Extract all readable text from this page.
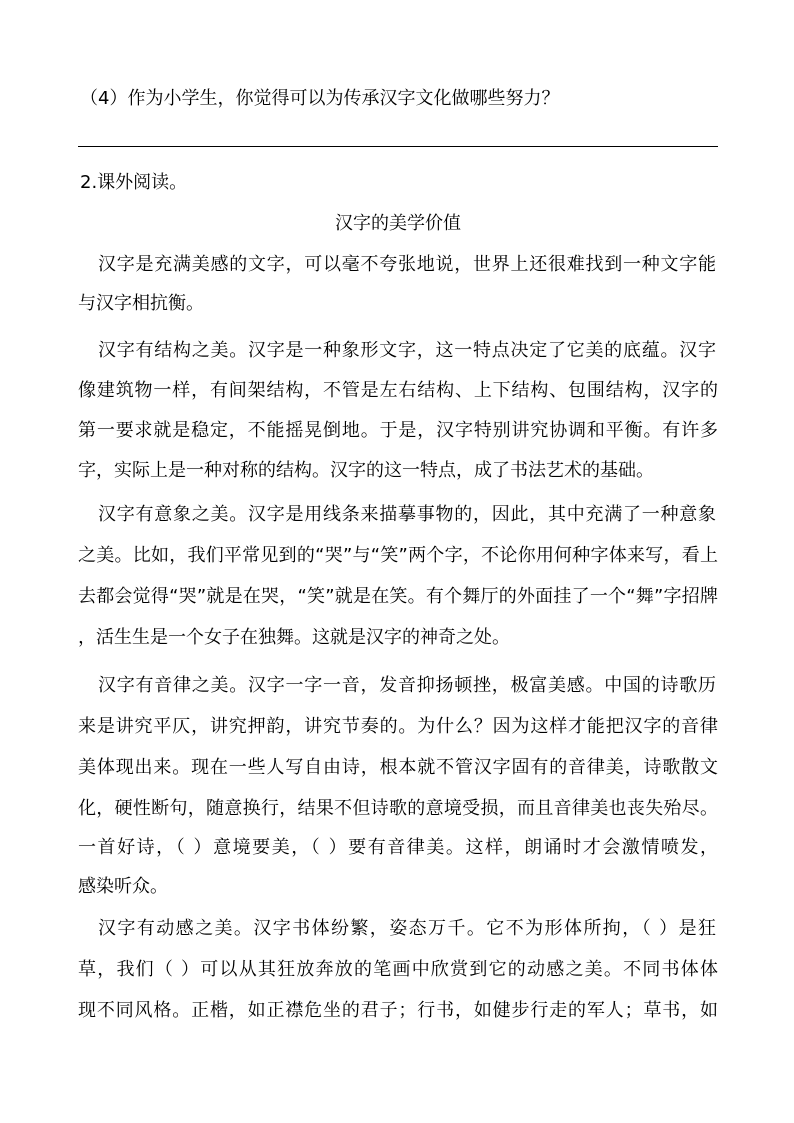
（4）作为小学生，你觉得可以为传承汉字文化做哪些努力？
2.课外阅读。
汉字的美学价值
汉字是充满美感的文字，可以毫不夸张地说，世界上还很难找到一种文字能
与汉字相抗衡。
汉字有结构之美。汉字是一种象形文字，这一特点决定了它美的底蕴。汉字
像建筑物一样，有间架结构，不管是左右结构、上下结构、包围结构，汉字的
第一要求就是稳定，不能摇晃倒地。于是，汉字特别讲究协调和平衡。有许多
字，实际上是一种对称的结构。汉字的这一特点，成了书法艺术的基础。
汉字有意象之美。汉字是用线条来描摹事物的，因此，其中充满了一种意象
之美。比如，我们平常见到的“哭”与“笑”两个字，不论你用何种字体来写，看上
去都会觉得“哭”就是在哭，“笑”就是在笑。有个舞厅的外面挂了一个“舞”字招牌
，活生生是一个女子在独舞。这就是汉字的神奇之处。
汉字有音律之美。汉字一字一音，发音抑扬顿挫，极富美感。中国的诗歌历
来是讲究平仄，讲究押韵，讲究节奏的。为什么？因为这样才能把汉字的音律
美体现出来。现在一些人写自由诗，根本就不管汉字固有的音律美，诗歌散文
化，硬性断句，随意换行，结果不但诗歌的意境受损，而且音律美也丧失殆尽。
一首好诗，（ ）意境要美，（ ）要有音律美。这样，朗诵时才会激情喷发，
感染听众。
汉字有动感之美。汉字书体纷繁，姿态万千。它不为形体所拘，（ ）是狂
草，我们（ ）可以从其狂放奔放的笔画中欣赏到它的动感之美。不同书体体
现不同风格。正楷，如正襟危坐的君子；行书，如健步行走的军人；草书，如
